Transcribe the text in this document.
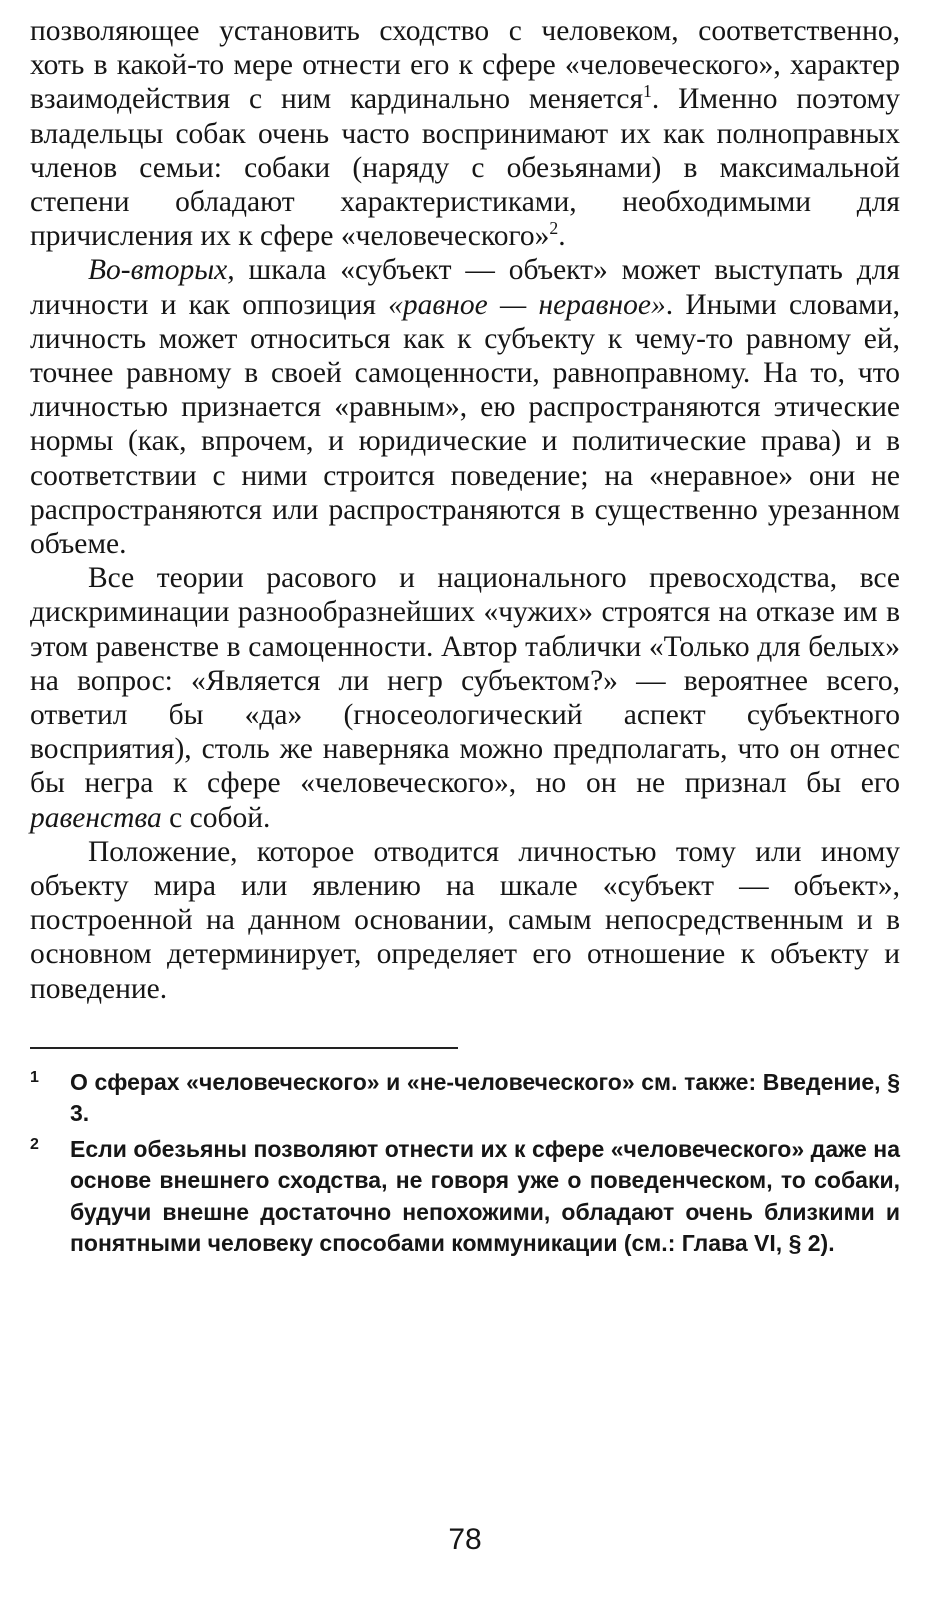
позволяющее установить сходство с человеком, соответственно, хоть в какой-то мере отнести его к сфере «человеческого», характер взаимодействия с ним кардинально меняется$^1$. Именно поэтому владельцы собак очень часто воспринимают их как полноправных членов семьи: собаки (наряду с обезьянами) в максимальной степени обладают характеристиками, необходимыми для причисления их к сфере «человеческого»$^2$.

Во-вторых, шкала «субъект — объект» может выступать для личности и как оппозиция «равное — неравное». Иными словами, личность может относиться как к субъекту к чему-то равному ей, точнее равному в своей самоценности, равноправному. На то, что личностью признается «равным», ею распространяются этические нормы (как, впрочем, и юридические и политические права) и в соответствии с ними строится поведение; на «неравное» они не распространяются или распространяются в существенно урезанном объеме.

Все теории расового и национального превосходства, все дискриминации разнообразнейших «чужих» строятся на отказе им в этом равенстве в самоценности. Автор таблички «Только для белых» на вопрос: «Является ли негр субъектом?» — вероятнее всего, ответил бы «да» (гносеологический аспект субъектного восприятия), столь же наверняка можно предполагать, что он отнес бы негра к сфере «человеческого», но он не признал бы его равенства с собой.

Положение, которое отводится личностью тому или иному объекту мира или явлению на шкале «субъект — объект», построенной на данном основании, самым непосредственным и в основном детерминирует, определяет его отношение к объекту и поведение.

1	О сферах «человеческого» и «не-человеческого» см. также: Введение, § 3.
2	Если обезьяны позволяют отнести их к сфере «человеческого» даже на основе внешнего сходства, не говоря уже о поведенческом, то собаки, будучи внешне достаточно непохожими, обладают очень близкими и понятными человеку способами коммуникации (см.: Глава VI, § 2).
78
